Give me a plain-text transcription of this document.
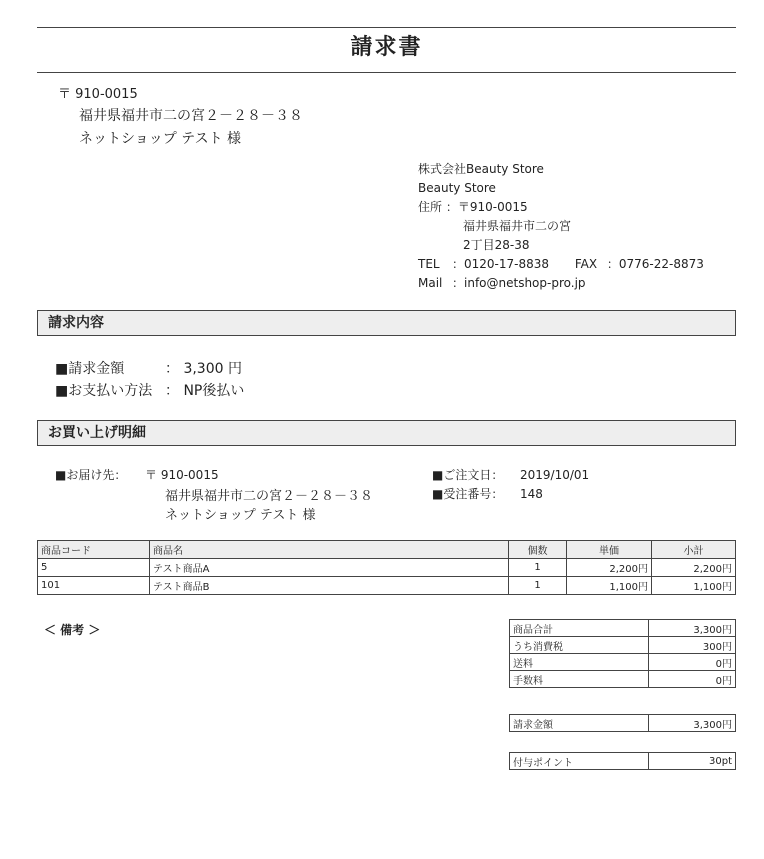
請求書
〒 910-0015
福井県福井市二の宮２－２８－３８
ネットショップ テスト 様
株式会社Beauty Store
Beauty Store
住所 ：〒910-0015
福井県福井市二の宮
2丁目28-38
TEL ：0120-17-8838 FAX ：0776-22-8873
Mail ：info@netshop-pro.jp
請求内容
■請求金額	： 3,300 円
■お支払い方法 ： NP後払い
お買い上げ明細
■お届け先： 〒 910-0015
福井県福井市二の宮２－２８－３８
ネットショップ テスト 様
■ご注文日： 2019/10/01
■受注番号： 148
商品コード	商品名	個数	単価	小計
5	テスト商品A	1	2,200円	2,200円
101	テスト商品B	1	1,100円	1,100円
＜ 備考 ＞	商品合計	3,300円
うち消費税	300円
送料	0円
手数料	0円
請求金額	3,300円
付与ポイント	30pt
